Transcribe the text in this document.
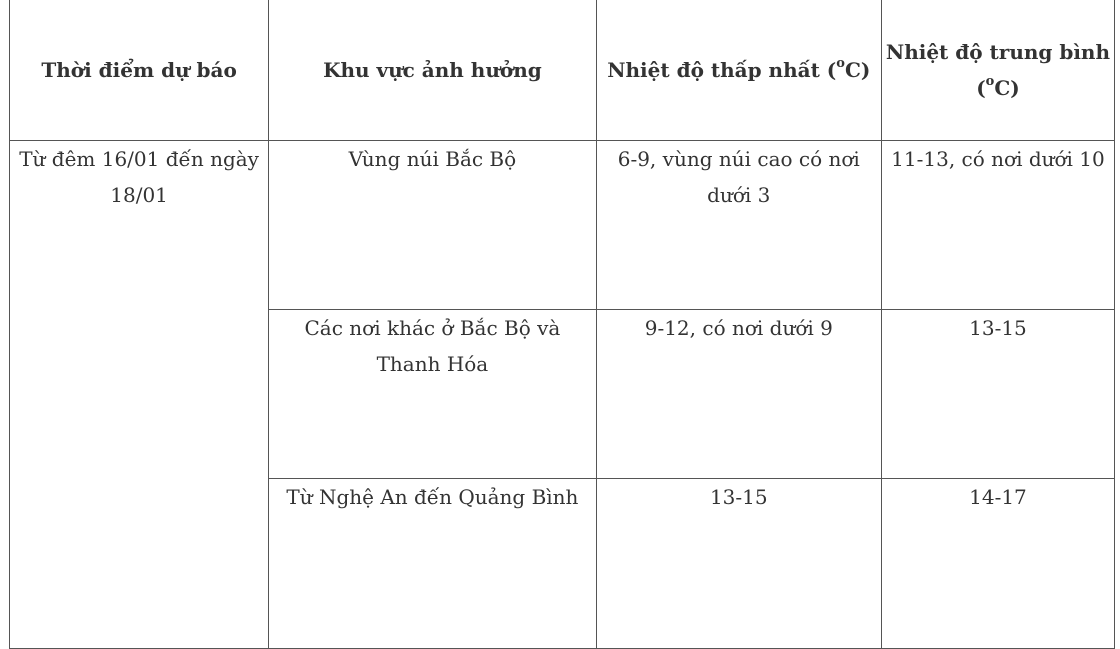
Thời điểm dự báo	Khu vực ảnh hưởng	Nhiệt độ thấp nhất ($^o$C)	Nhiệt độ trung bình ($^o$C)
Từ đêm 16/01 đến ngày 18/01	Vùng núi Bắc Bộ	6-9, vùng núi cao có nơi dưới 3	11-13, có nơi dưới 10
	Các nơi khác ở Bắc Bộ và Thanh Hóa	9-12, có nơi dưới 9	13-15
	Từ Nghệ An đến Quảng Bình	13-15	14-17
